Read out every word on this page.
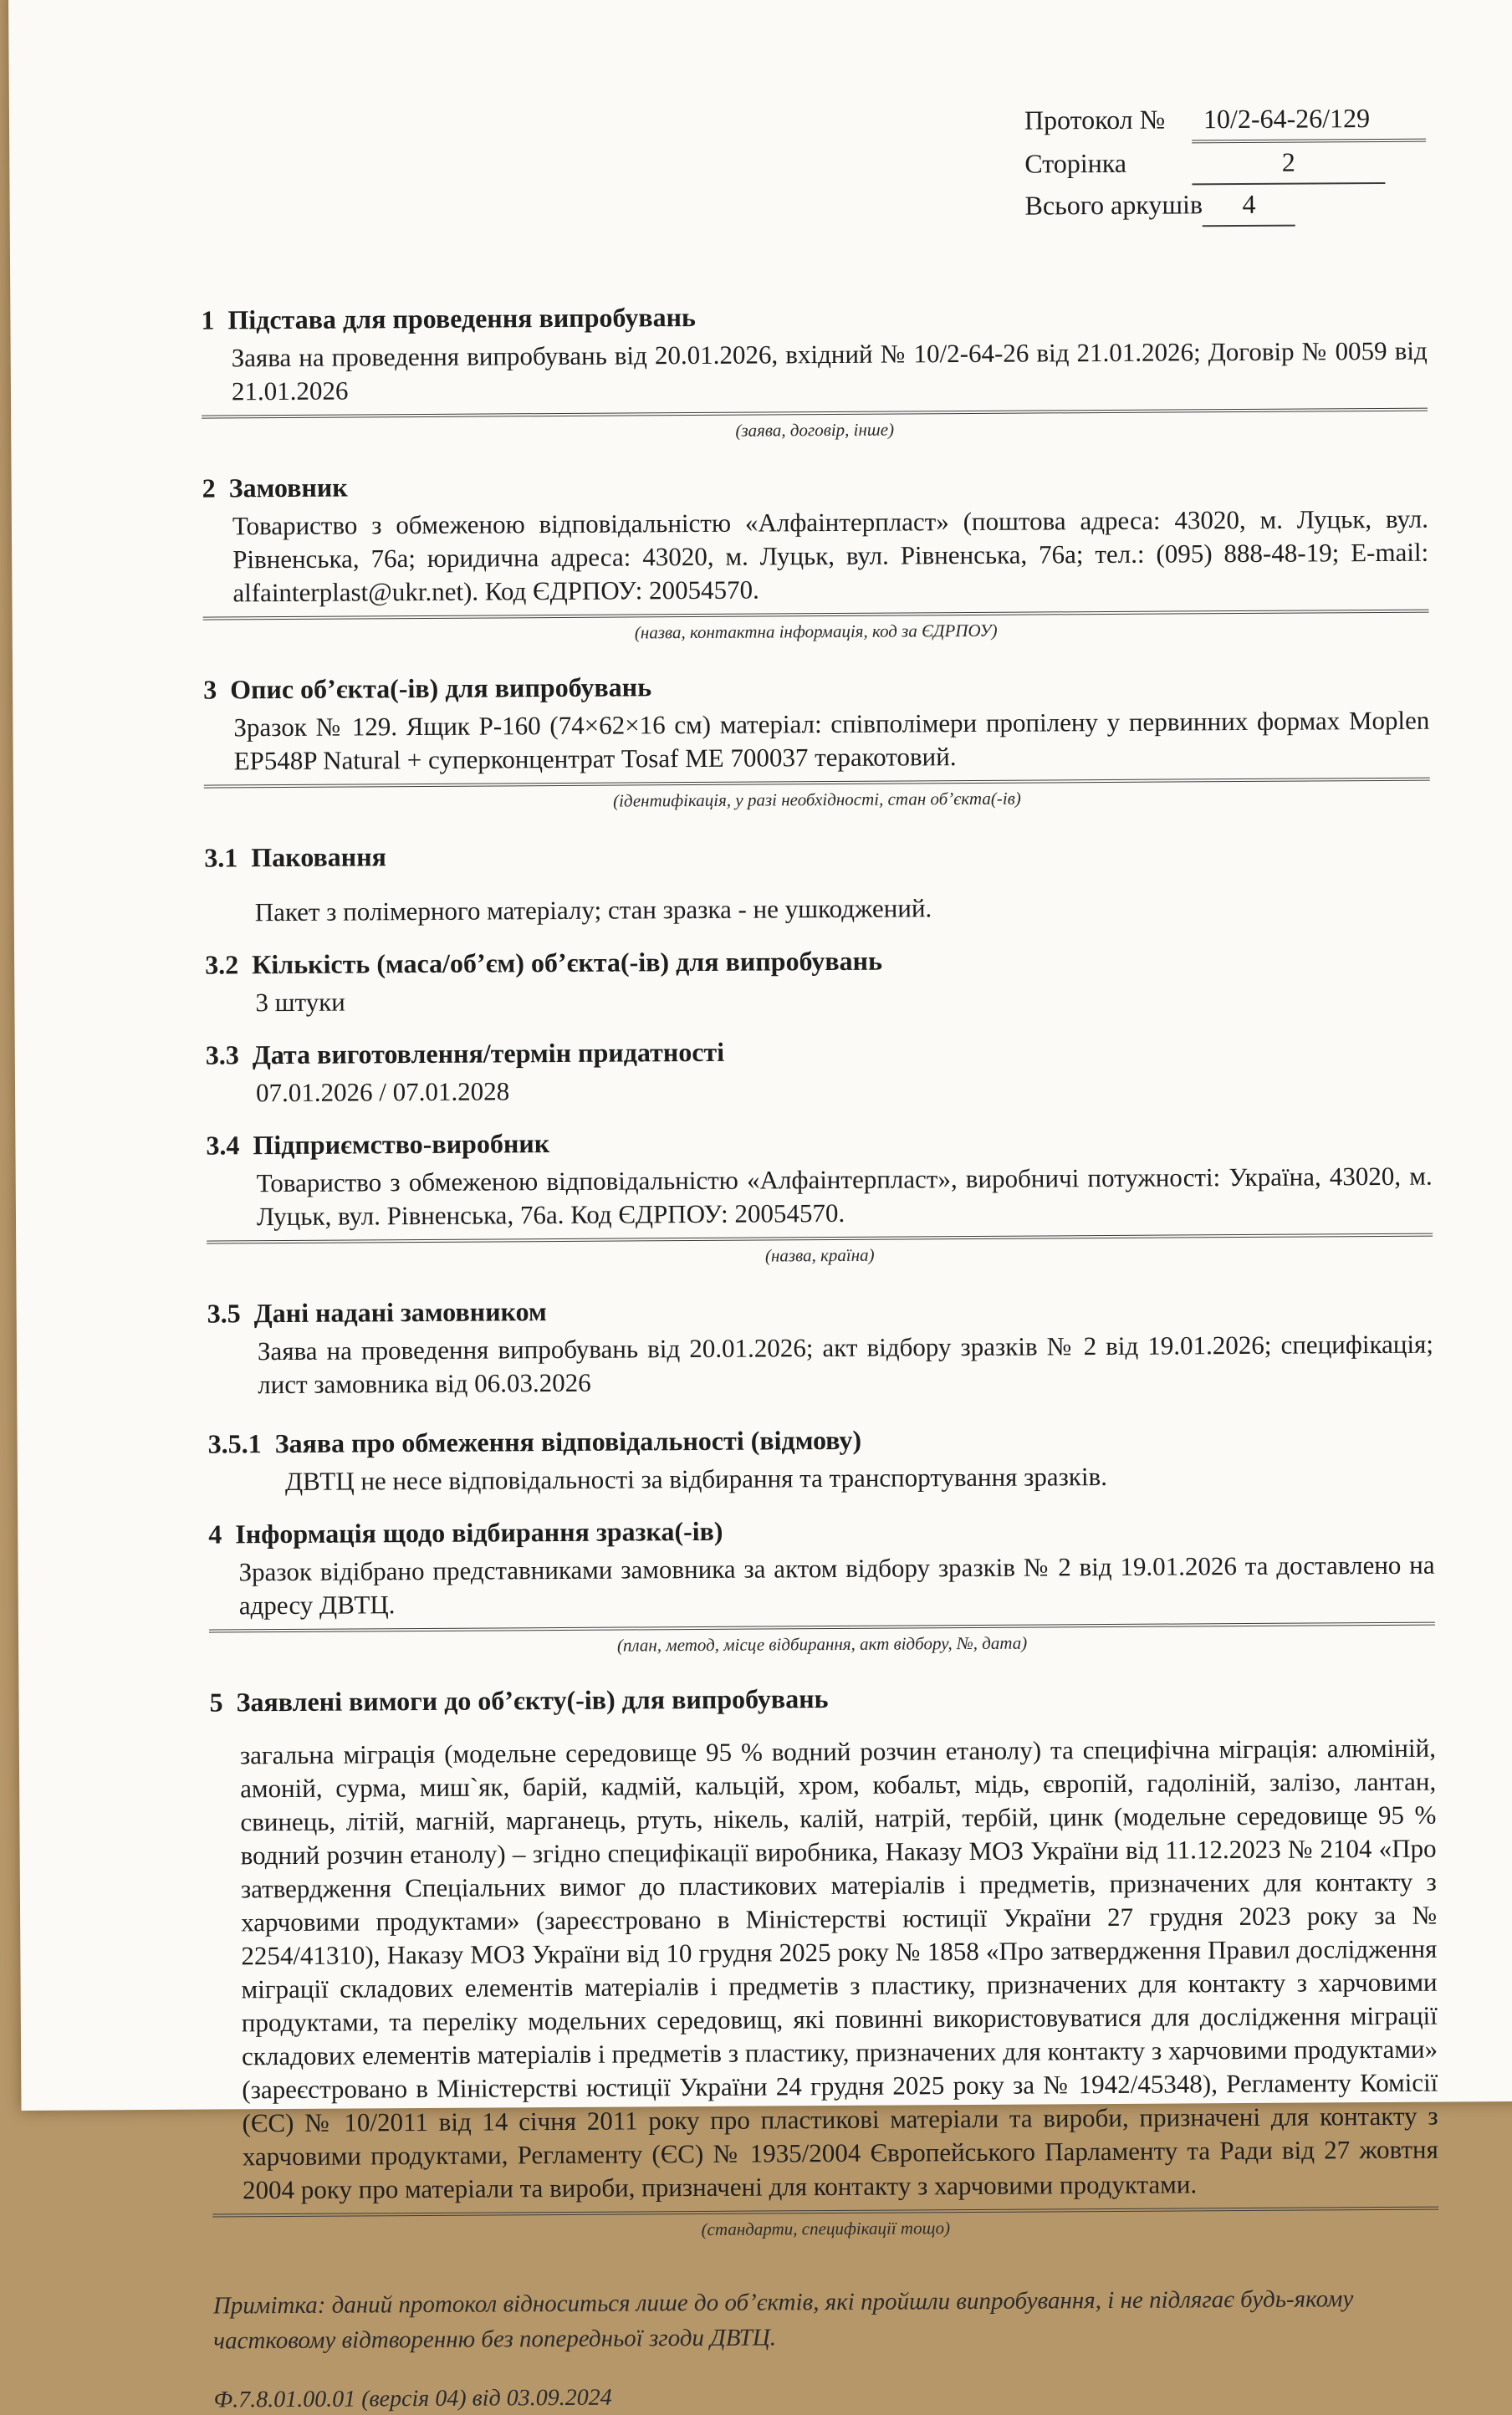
Протокол №	10/2-64-26/129
Сторінка	2
Всього аркушів	4
1 Підстава для проведення випробувань
Заява на проведення випробувань від 20.01.2026, вхідний № 10/2-64-26 від 21.01.2026; Договір № 0059 від 21.01.2026
(заява, договір, інше)
2 Замовник
Товариство з обмеженою відповідальністю «Алфаінтерпласт» (поштова адреса: 43020, м. Луцьк, вул. Рівненська, 76а; юридична адреса: 43020, м. Луцьк, вул. Рівненська, 76а; тел.: (095) 888-48-19; E-mail: alfainterplast@ukr.net). Код ЄДРПОУ: 20054570.
(назва, контактна інформація, код за ЄДРПОУ)
3 Опис об’єкта(-ів) для випробувань
Зразок № 129. Ящик Р-160 (74×62×16 см) матеріал: співполімери пропілену у первинних формах Moplen EP548P Natural + суперконцентрат Tosaf ME 700037 теракотовий.
(ідентифікація, у разі необхідності, стан об’єкта(-ів)
3.1 Паковання
Пакет з полімерного матеріалу; стан зразка - не ушкоджений.
3.2 Кількість (маса/об’єм) об’єкта(-ів) для випробувань
3 штуки
3.3 Дата виготовлення/термін придатності
07.01.2026 / 07.01.2028
3.4 Підприємство-виробник
Товариство з обмеженою відповідальністю «Алфаінтерпласт», виробничі потужності: Україна, 43020, м. Луцьк, вул. Рівненська, 76а. Код ЄДРПОУ: 20054570.
(назва, країна)
3.5 Дані надані замовником
Заява на проведення випробувань від 20.01.2026; акт відбору зразків № 2 від 19.01.2026; специфікація; лист замовника від 06.03.2026
3.5.1 Заява про обмеження відповідальності (відмову)
ДВТЦ не несе відповідальності за відбирання та транспортування зразків.
4 Інформація щодо відбирання зразка(-ів)
Зразок відібрано представниками замовника за актом відбору зразків № 2 від 19.01.2026 та доставлено на адресу ДВТЦ.
(план, метод, місце відбирання, акт відбору, №, дата)
5 Заявлені вимоги до об’єкту(-ів) для випробувань
загальна міграція (модельне середовище 95 % водний розчин етанолу) та специфічна міграція: алюміній, амоній, сурма, миш`як, барій, кадмій, кальцій, хром, кобальт, мідь, європій, гадоліній, залізо, лантан, свинець, літій, магній, марганець, ртуть, нікель, калій, натрій, тербій, цинк (модельне середовище 95 % водний розчин етанолу) – згідно специфікації виробника, Наказу МОЗ України від 11.12.2023 № 2104 «Про затвердження Спеціальних вимог до пластикових матеріалів і предметів, призначених для контакту з харчовими продуктами» (зареєстровано в Міністерстві юстиції України 27 грудня 2023 року за № 2254/41310), Наказу МОЗ України від 10 грудня 2025 року № 1858 «Про затвердження Правил дослідження міграції складових елементів матеріалів і предметів з пластику, призначених для контакту з харчовими продуктами, та переліку модельних середовищ, які повинні використовуватися для дослідження міграції складових елементів матеріалів і предметів з пластику, призначених для контакту з харчовими продуктами» (зареєстровано в Міністерстві юстиції України 24 грудня 2025 року за № 1942/45348), Регламенту Комісії (ЄС) № 10/2011 від 14 січня 2011 року про пластикові матеріали та вироби, призначені для контакту з харчовими продуктами, Регламенту (ЄС) № 1935/2004 Європейського Парламенту та Ради від 27 жовтня 2004 року про матеріали та вироби, призначені для контакту з харчовими продуктами.
(стандарти, специфікації тощо)
Примітка: даний протокол відноситься лише до об’єктів, які пройшли випробування, і не підлягає будь-якому частковому відтворенню без попередньої згоди ДВТЦ.
Ф.7.8.01.00.01 (версія 04) від 03.09.2024
